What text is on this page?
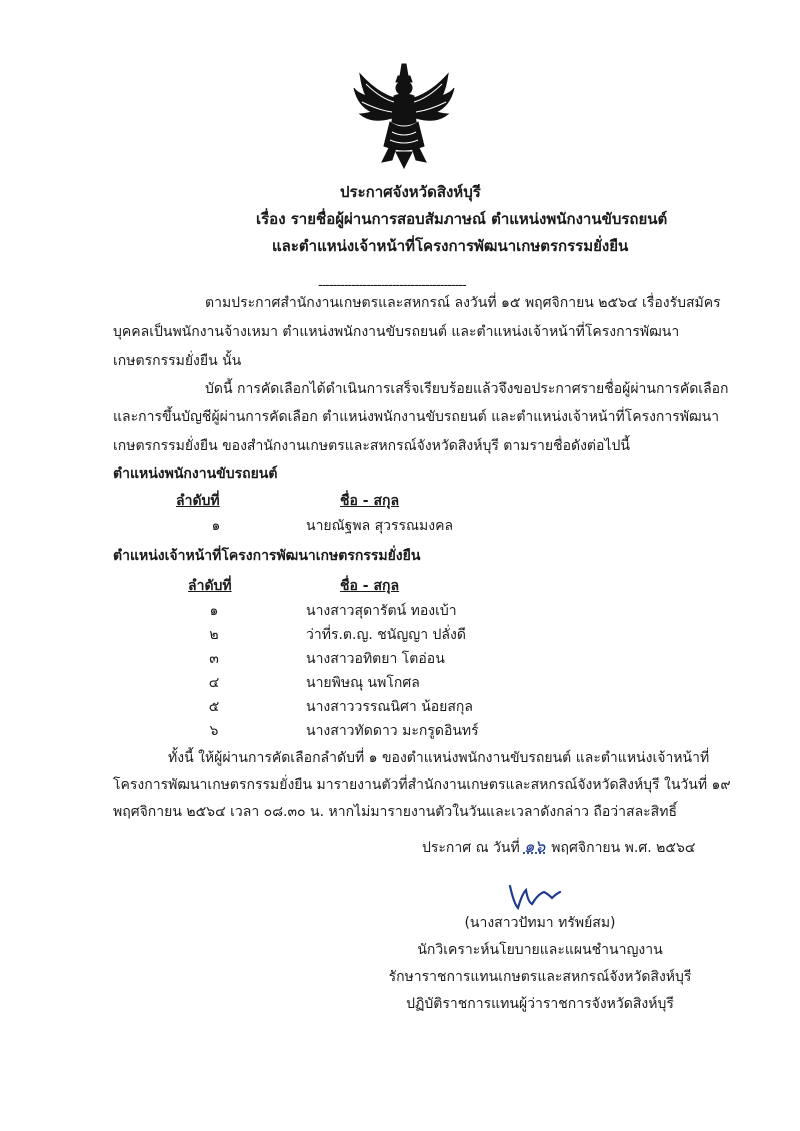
ประกาศจังหวัดสิงห์บุรี
เรื่อง รายชื่อผู้ผ่านการสอบสัมภาษณ์ ตำแหน่งพนักงานขับรถยนต์
และตำแหน่งเจ้าหน้าที่โครงการพัฒนาเกษตรกรรมยั่งยืน
----------------------------------------
ตามประกาศสำนักงานเกษตรและสหกรณ์ ลงวันที่ ๑๕ พฤศจิกายน ๒๕๖๔ เรื่องรับสมัคร
บุคคลเป็นพนักงานจ้างเหมา ตำแหน่งพนักงานขับรถยนต์ และตำแหน่งเจ้าหน้าที่โครงการพัฒนา
เกษตรกรรมยั่งยืน นั้น
บัดนี้ การคัดเลือกได้ดำเนินการเสร็จเรียบร้อยแล้วจึงขอประกาศรายชื่อผู้ผ่านการคัดเลือก
และการขึ้นบัญชีผู้ผ่านการคัดเลือก ตำแหน่งพนักงานขับรถยนต์ และตำแหน่งเจ้าหน้าที่โครงการพัฒนา
เกษตรกรรมยั่งยืน ของสำนักงานเกษตรและสหกรณ์จังหวัดสิงห์บุรี ตามรายชื่อดังต่อไปนี้
ตำแหน่งพนักงานขับรถยนต์
ลำดับที่	ชื่อ - สกุล
๑	นายณัฐพล สุวรรณมงคล
ตำแหน่งเจ้าหน้าที่โครงการพัฒนาเกษตรกรรมยั่งยืน
ลำดับที่	ชื่อ - สกุล
๑	นางสาวสุดารัตน์ ทองเบ้า
๒	ว่าที่ร.ต.ญ. ชนัญญา ปลั่งดี
๓	นางสาวอทิตยา โตอ่อน
๔	นายพิษณุ นพโกศล
๕	นางสาววรรณนิศา น้อยสกุล
๖	นางสาวทัดดาว มะกรูดอินทร์
ทั้งนี้ ให้ผู้ผ่านการคัดเลือกลำดับที่ ๑ ของตำแหน่งพนักงานขับรถยนต์ และตำแหน่งเจ้าหน้าที่
โครงการพัฒนาเกษตรกรรมยั่งยืน มารายงานตัวที่สำนักงานเกษตรและสหกรณ์จังหวัดสิงห์บุรี ในวันที่ ๑๙
พฤศจิกายน ๒๕๖๔ เวลา ๐๘.๓๐ น. หากไม่มารายงานตัวในวันและเวลาดังกล่าว ถือว่าสละสิทธิ์
ประกาศ ณ วันที่ ๑๖ พฤศจิกายน พ.ศ. ๒๕๖๔
(นางสาวปัทมา ทรัพย์สม)
นักวิเคราะห์นโยบายและแผนชำนาญงาน
รักษาราชการแทนเกษตรและสหกรณ์จังหวัดสิงห์บุรี
ปฏิบัติราชการแทนผู้ว่าราชการจังหวัดสิงห์บุรี
